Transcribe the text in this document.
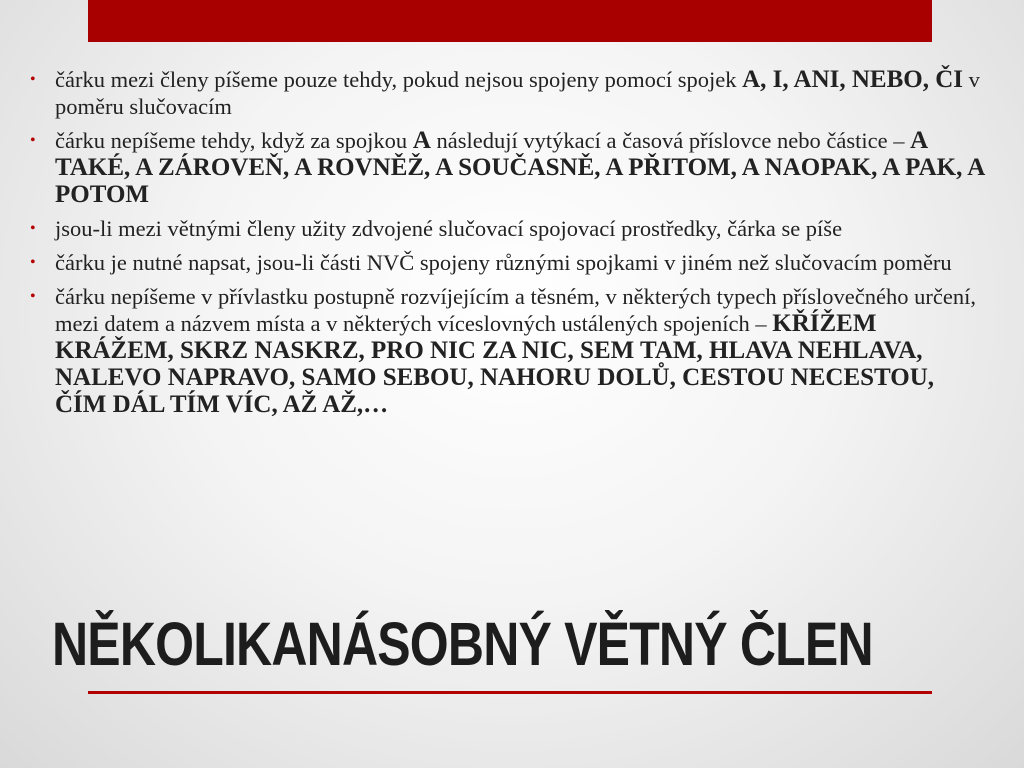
• čárku mezi členy píšeme pouze tehdy, pokud nejsou spojeny pomocí spojek A, I, ANI, NEBO, ČI v poměru slučovacím
• čárku nepíšeme tehdy, když za spojkou A následují vytýkací a časová příslovce nebo částice – A TAKÉ, A ZÁROVEŇ, A ROVNĚŽ, A SOUČASNĚ, A PŘITOM, A NAOPAK, A PAK, A POTOM
• jsou-li mezi větnými členy užity zdvojené slučovací spojovací prostředky, čárka se píše
• čárku je nutné napsat, jsou-li části NVČ spojeny různými spojkami v jiném než slučovacím poměru
• čárku nepíšeme v přívlastku postupně rozvíjejícím a těsném, v některých typech příslovečného určení, mezi datem a názvem místa a v některých víceslovných ustálených spojeních – KŘÍŽEM KRÁŽEM, SKRZ NASKRZ, PRO NIC ZA NIC, SEM TAM, HLAVA NEHLAVA, NALEVO NAPRAVO, SAMO SEBOU, NAHORU DOLŮ, CESTOU NECESTOU, ČÍM DÁL TÍM VÍC, AŽ AŽ,…
NĚKOLIKANÁSOBNÝ VĚTNÝ ČLEN
